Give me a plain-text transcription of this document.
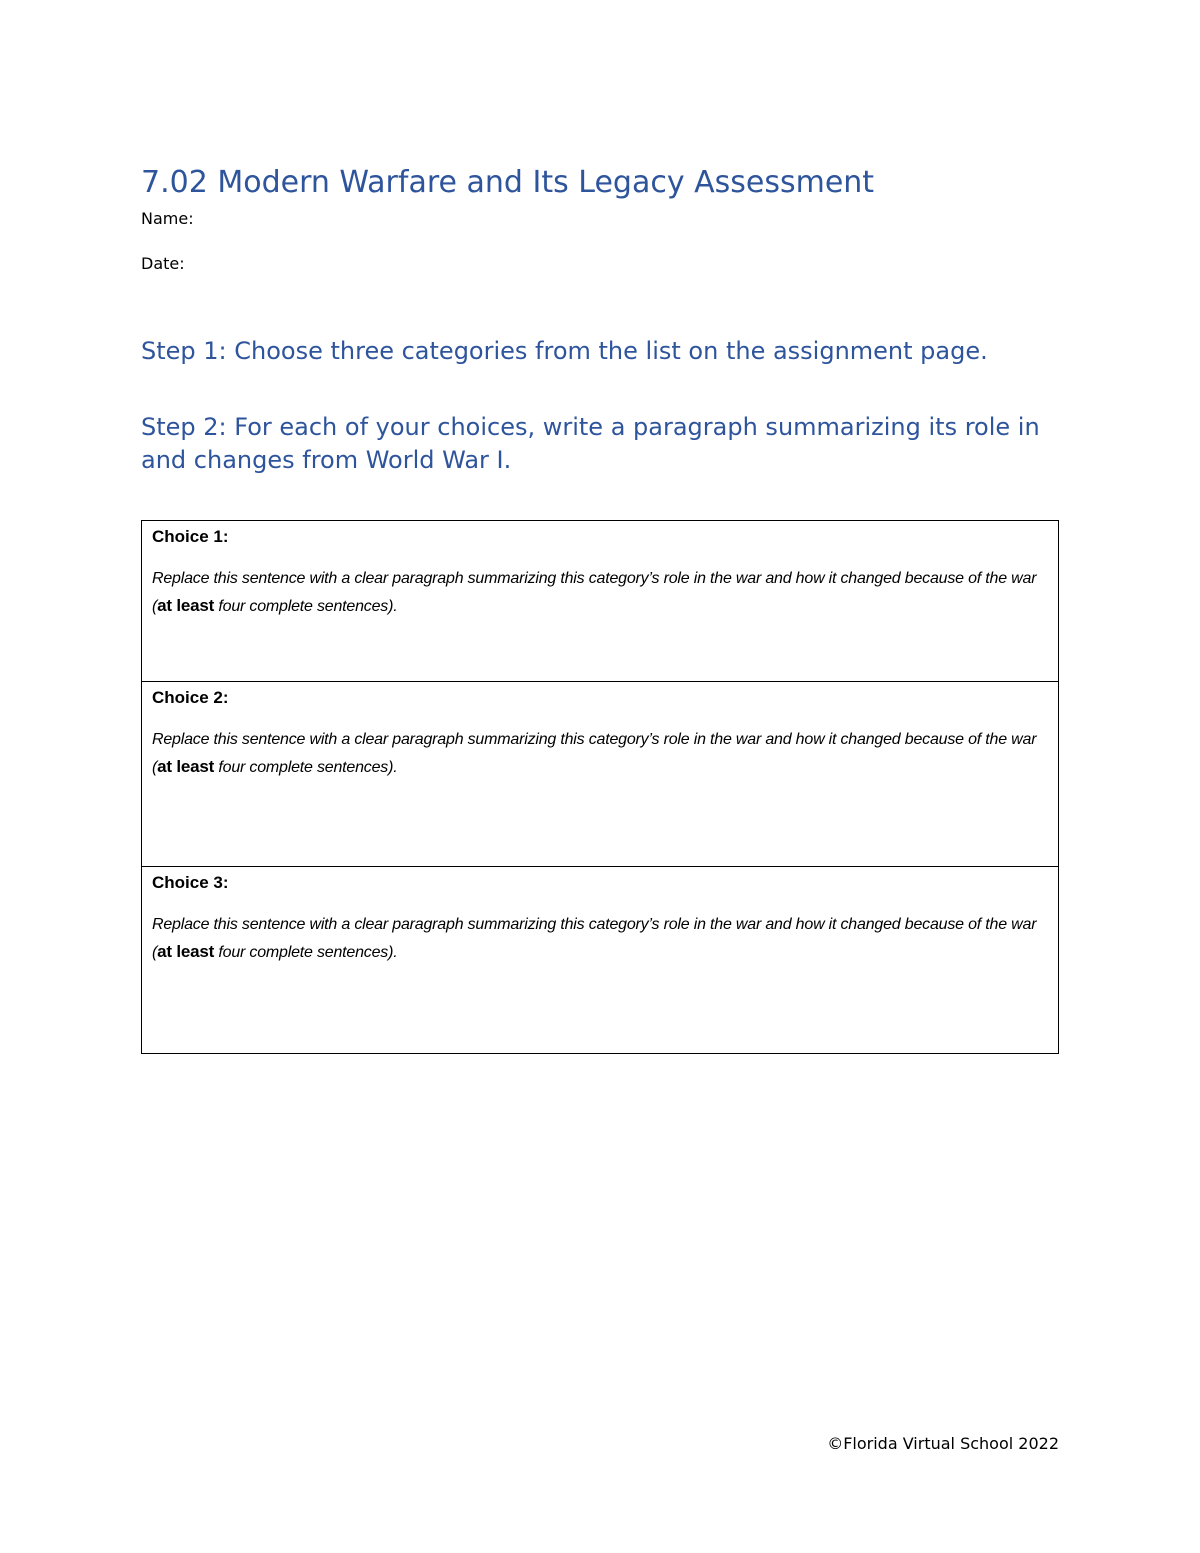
7.02 Modern Warfare and Its Legacy Assessment
Name:
Date:

Step 1: Choose three categories from the list on the assignment page.

Step 2: For each of your choices, write a paragraph summarizing its role in and changes from World War I.

Choice 1:

Replace this sentence with a clear paragraph summarizing this category’s role in the war and how it changed because of the war (at least four complete sentences).

Choice 2:

Replace this sentence with a clear paragraph summarizing this category’s role in the war and how it changed because of the war (at least four complete sentences).

Choice 3:

Replace this sentence with a clear paragraph summarizing this category’s role in the war and how it changed because of the war (at least four complete sentences).

©Florida Virtual School 2022
